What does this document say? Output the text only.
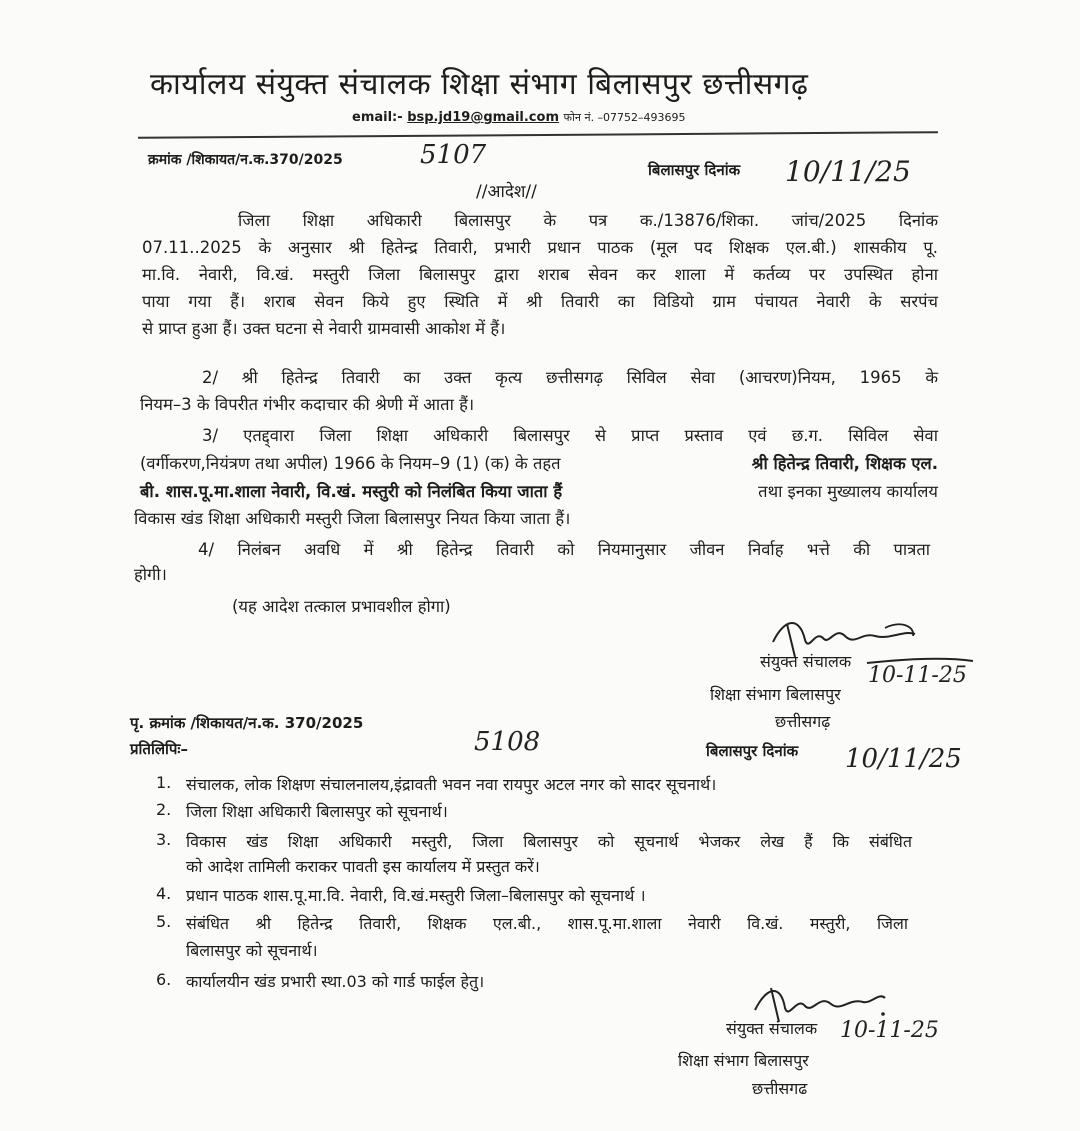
कार्यालय संयुक्त संचालक शिक्षा संभाग बिलासपुर छत्तीसगढ़
email:- bsp.jd19@gmail.com फोन नं. –07752–493695
क्रमांक /शिकायत/न.क.370/2025	5107	बिलासपुर दिनांक 10/11/25
//आदेश//
जिला शिक्षा अधिकारी बिलासपुर के पत्र क./13876/शिका. जांच/2025 दिनांक
07.11..2025 के अनुसार श्री हितेन्द्र तिवारी, प्रभारी प्रधान पाठक (मूल पद शिक्षक एल.बी.) शासकीय पू.
मा.वि. नेवारी, वि.खं. मस्तुरी जिला बिलासपुर द्वारा शराब सेवन कर शाला में कर्तव्य पर उपस्थित होना
पाया गया हैं। शराब सेवन किये हुए स्थिति में श्री तिवारी का विडियो ग्राम पंचायत नेवारी के सरपंच
से प्राप्त हुआ हैं। उक्त घटना से नेवारी ग्रामवासी आकोश में हैं।
2/ श्री हितेन्द्र तिवारी का उक्त कृत्य छत्तीसगढ़ सिविल सेवा (आचरण)नियम, 1965 के
नियम–3 के विपरीत गंभीर कदाचार की श्रेणी में आता हैं।
3/ एतद्द्वारा जिला शिक्षा अधिकारी बिलासपुर से प्राप्त प्रस्ताव एवं छ.ग. सिविल सेवा
(वर्गीकरण,नियंत्रण तथा अपील) 1966 के नियम–9 (1) (क) के तहत	श्री हितेन्द्र तिवारी, शिक्षक एल.
बी. शास.पू.मा.शाला नेवारी, वि.खं. मस्तुरी को निलंबित किया जाता हैं	तथा इनका मुख्यालय कार्यालय
विकास खंड शिक्षा अधिकारी मस्तुरी जिला बिलासपुर नियत किया जाता हैं।
4/ निलंबन अवधि में श्री हितेन्द्र तिवारी को नियमानुसार जीवन निर्वाह भत्ते की पात्रता
होगी।
(यह आदेश तत्काल प्रभावशील होगा)
संयुक्त संचालक
10-11-25
शिक्षा संभाग बिलासपुर
छत्तीसगढ़
पृ. क्रमांक /शिकायत/न.क. 370/2025
5108
प्रतिलिपिः–	बिलासपुर दिनांक 10/11/25
1. संचालक, लोक शिक्षण संचालनालय,इंद्रावती भवन नवा रायपुर अटल नगर को सादर सूचनार्थ।
2. जिला शिक्षा अधिकारी बिलासपुर को सूचनार्थ।
3. विकास खंड शिक्षा अधिकारी मस्तुरी, जिला बिलासपुर को सूचनार्थ भेजकर लेख हैं कि संबंधित
को आदेश तामिली कराकर पावती इस कार्यालय में प्रस्तुत करें।
4. प्रधान पाठक शास.पू.मा.वि. नेवारी, वि.खं.मस्तुरी जिला–बिलासपुर को सूचनार्थ ।
5. संबंधित श्री हितेन्द्र तिवारी, शिक्षक एल.बी., शास.पू.मा.शाला नेवारी वि.खं. मस्तुरी, जिला
बिलासपुर को सूचनार्थ।
6. कार्यालयीन खंड प्रभारी स्था.03 को गार्ड फाईल हेतु।
संयुक्त संचालक 10-11-25
शिक्षा संभाग बिलासपुर
छत्तीसगढ
